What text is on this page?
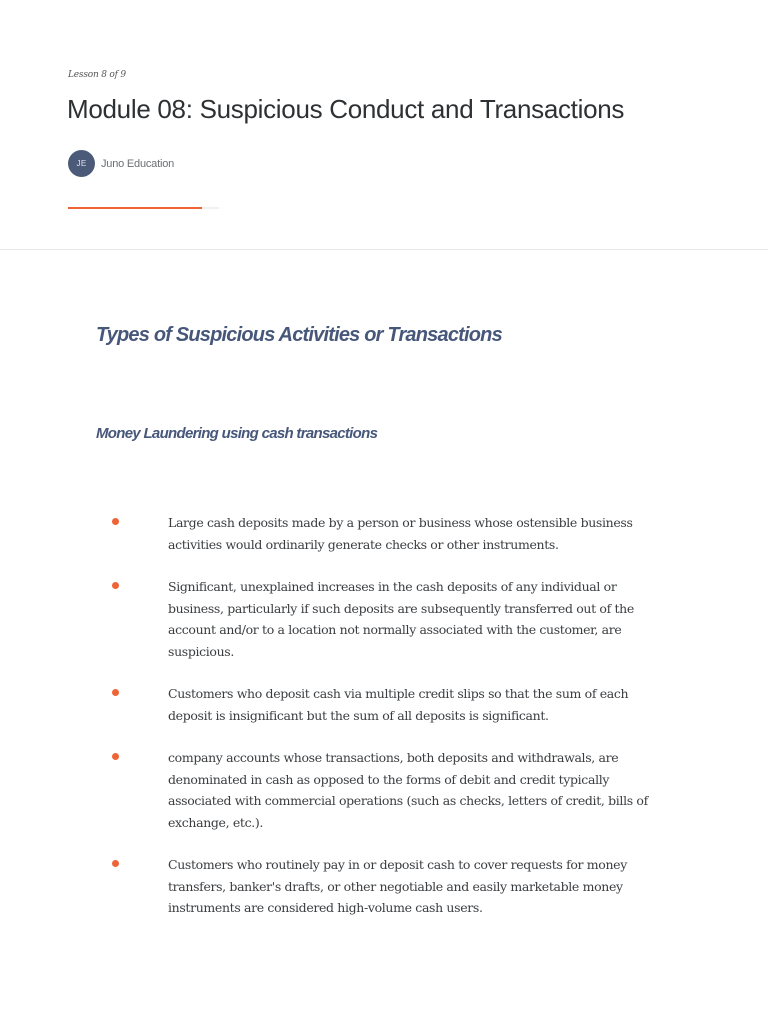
Lesson 8 of 9
Module 08: Suspicious Conduct and Transactions
JE	Juno Education
Types of Suspicious Activities or Transactions
Money Laundering using cash transactions
Large cash deposits made by a person or business whose ostensible business activities would ordinarily generate checks or other instruments.
Significant, unexplained increases in the cash deposits of any individual or business, particularly if such deposits are subsequently transferred out of the account and/or to a location not normally associated with the customer, are suspicious.
Customers who deposit cash via multiple credit slips so that the sum of each deposit is insignificant but the sum of all deposits is significant.
company accounts whose transactions, both deposits and withdrawals, are denominated in cash as opposed to the forms of debit and credit typically associated with commercial operations (such as checks, letters of credit, bills of exchange, etc.).
Customers who routinely pay in or deposit cash to cover requests for money transfers, banker's drafts, or other negotiable and easily marketable money instruments are considered high-volume cash users.
